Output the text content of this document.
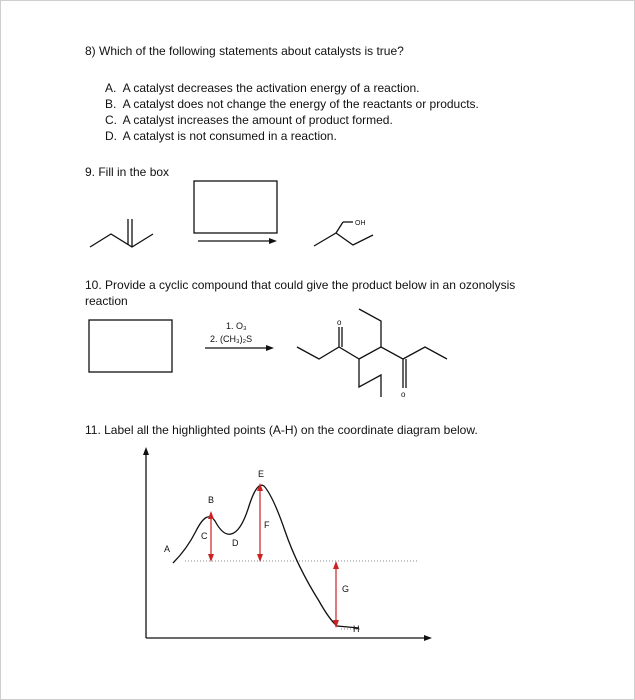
8) Which of the following statements about catalysts is true?
A. A catalyst decreases the activation energy of a reaction.
B. A catalyst does not change the energy of the reactants or products.
C. A catalyst increases the amount of product formed.
D. A catalyst is not consumed in a reaction.
9. Fill in the box
10. Provide a cyclic compound that could give the product below in an ozonolysis
reaction
11. Label all the highlighted points (A-H) on the coordinate diagram below.
OH
1. O₃
2. (CH₃)₂S
o
o
A
B
C
D
E
F
G
H
